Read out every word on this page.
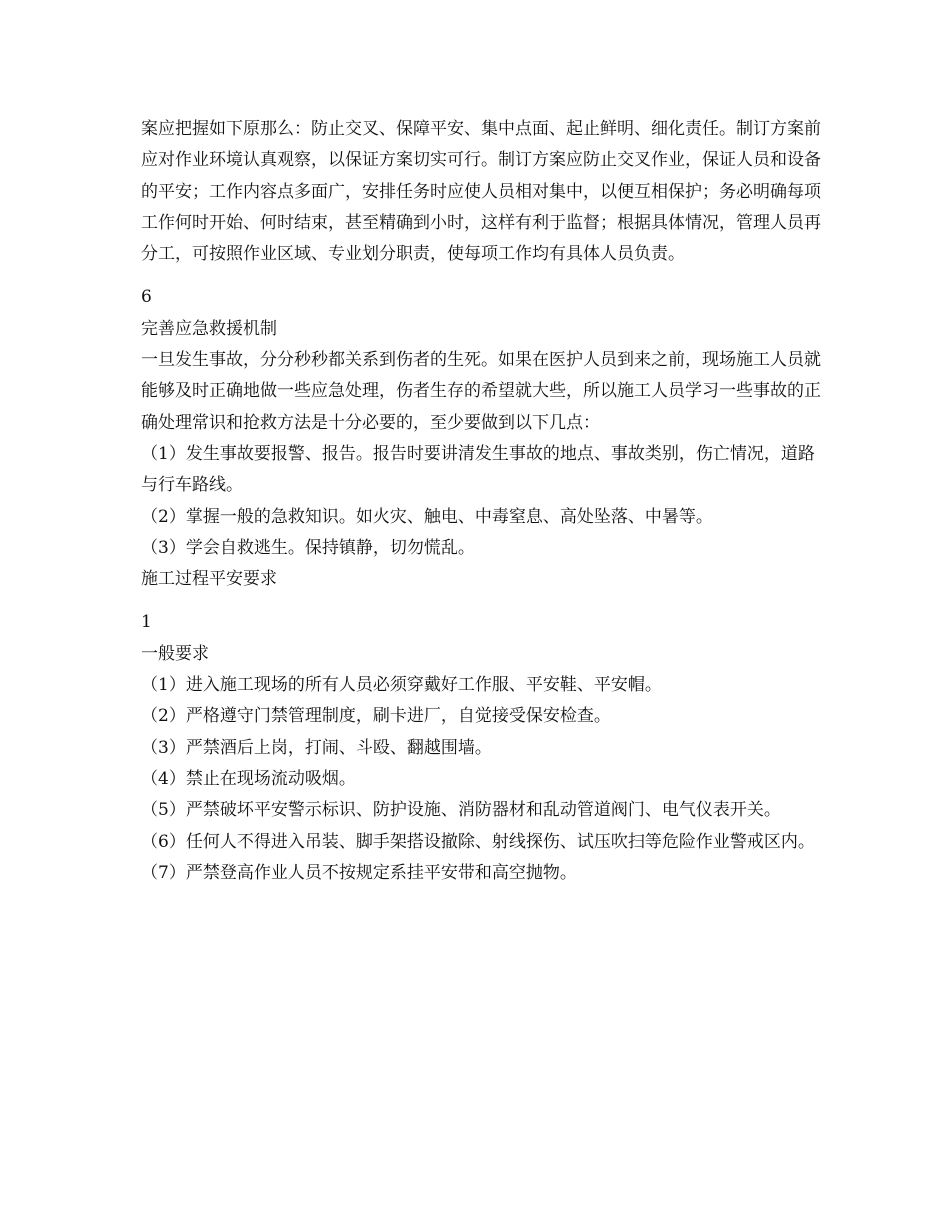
案应把握如下原那么：防止交叉、保障平安、集中点面、起止鲜明、细化责任。制订方案前应对作业环境认真观察，以保证方案切实可行。制订方案应防止交叉作业，保证人员和设备的平安；工作内容点多面广，安排任务时应使人员相对集中，以便互相保护；务必明确每项工作何时开始、何时结束，甚至精确到小时，这样有利于监督；根据具体情况，管理人员再分工，可按照作业区域、专业划分职责，使每项工作均有具体人员负责。

6

完善应急救援机制

一旦发生事故，分分秒秒都关系到伤者的生死。如果在医护人员到来之前，现场施工人员就能够及时正确地做一些应急处理，伤者生存的希望就大些，所以施工人员学习一些事故的正确处理常识和抢救方法是十分必要的，至少要做到以下几点：

（1）发生事故要报警、报告。报告时要讲清发生事故的地点、事故类别，伤亡情况，道路与行车路线。

（2）掌握一般的急救知识。如火灾、触电、中毒窒息、高处坠落、中暑等。

（3）学会自救逃生。保持镇静，切勿慌乱。

施工过程平安要求

1

一般要求

（1）进入施工现场的所有人员必须穿戴好工作服、平安鞋、平安帽。

（2）严格遵守门禁管理制度，刷卡进厂，自觉接受保安检查。

（3）严禁酒后上岗，打闹、斗殴、翻越围墙。

（4）禁止在现场流动吸烟。

（5）严禁破坏平安警示标识、防护设施、消防器材和乱动管道阀门、电气仪表开关。

（6）任何人不得进入吊装、脚手架搭设撤除、射线探伤、试压吹扫等危险作业警戒区内。

（7）严禁登高作业人员不按规定系挂平安带和高空抛物。
